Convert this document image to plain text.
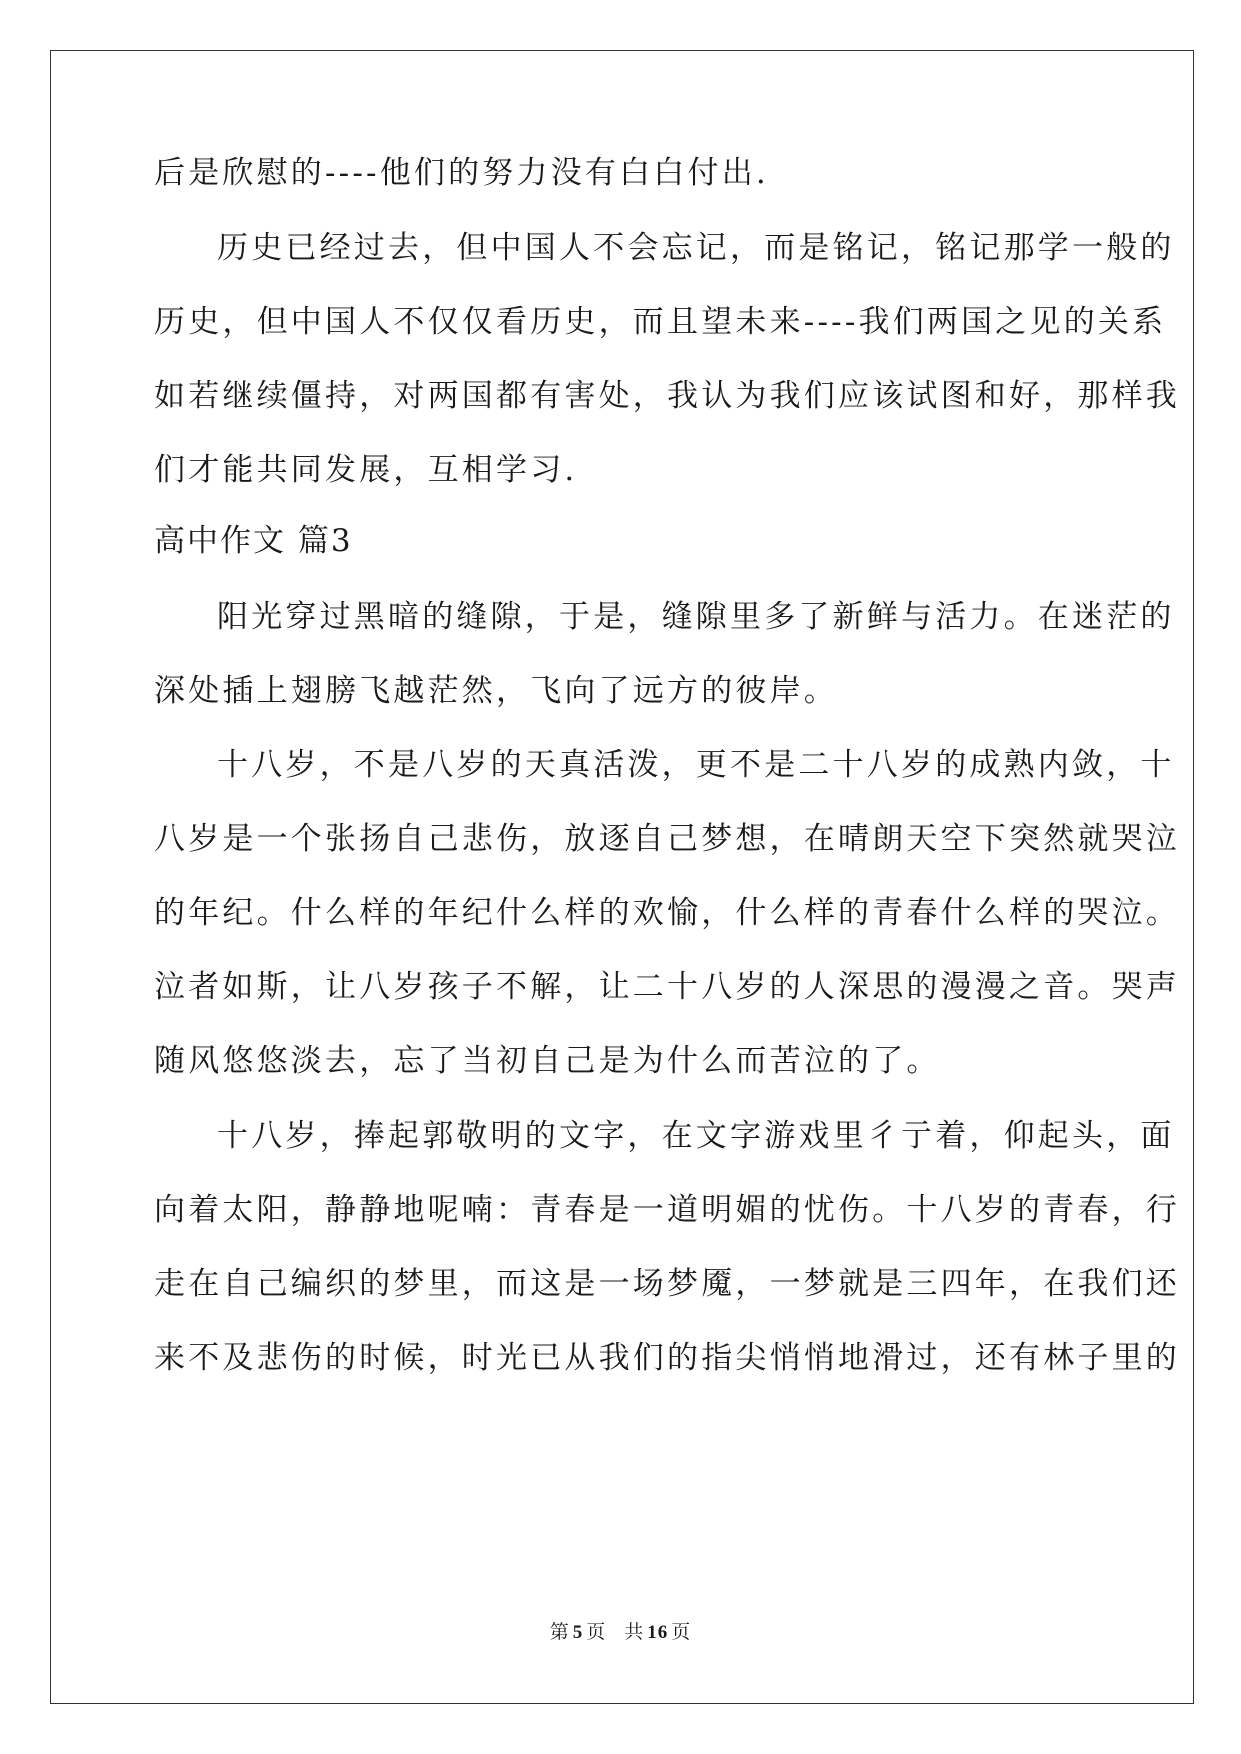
后是欣慰的----他们的努力没有白白付出.
历史已经过去，但中国人不会忘记，而是铭记，铭记那学一般的
历史，但中国人不仅仅看历史，而且望未来----我们两国之见的关系
如若继续僵持，对两国都有害处，我认为我们应该试图和好，那样我
们才能共同发展，互相学习.
高中作文 篇3
阳光穿过黑暗的缝隙，于是，缝隙里多了新鲜与活力。在迷茫的
深处插上翅膀飞越茫然，飞向了远方的彼岸。
十八岁，不是八岁的天真活泼，更不是二十八岁的成熟内敛，十
八岁是一个张扬自己悲伤，放逐自己梦想，在晴朗天空下突然就哭泣
的年纪。什么样的年纪什么样的欢愉，什么样的青春什么样的哭泣。
泣者如斯，让八岁孩子不解，让二十八岁的人深思的漫漫之音。哭声
随风悠悠淡去，忘了当初自己是为什么而苦泣的了。
十八岁，捧起郭敬明的文字，在文字游戏里彳亍着，仰起头，面
向着太阳，静静地呢喃：青春是一道明媚的忧伤。十八岁的青春，行
走在自己编织的梦里，而这是一场梦魇，一梦就是三四年，在我们还
来不及悲伤的时候，时光已从我们的指尖悄悄地滑过，还有林子里的
第 5 页 共 16 页
